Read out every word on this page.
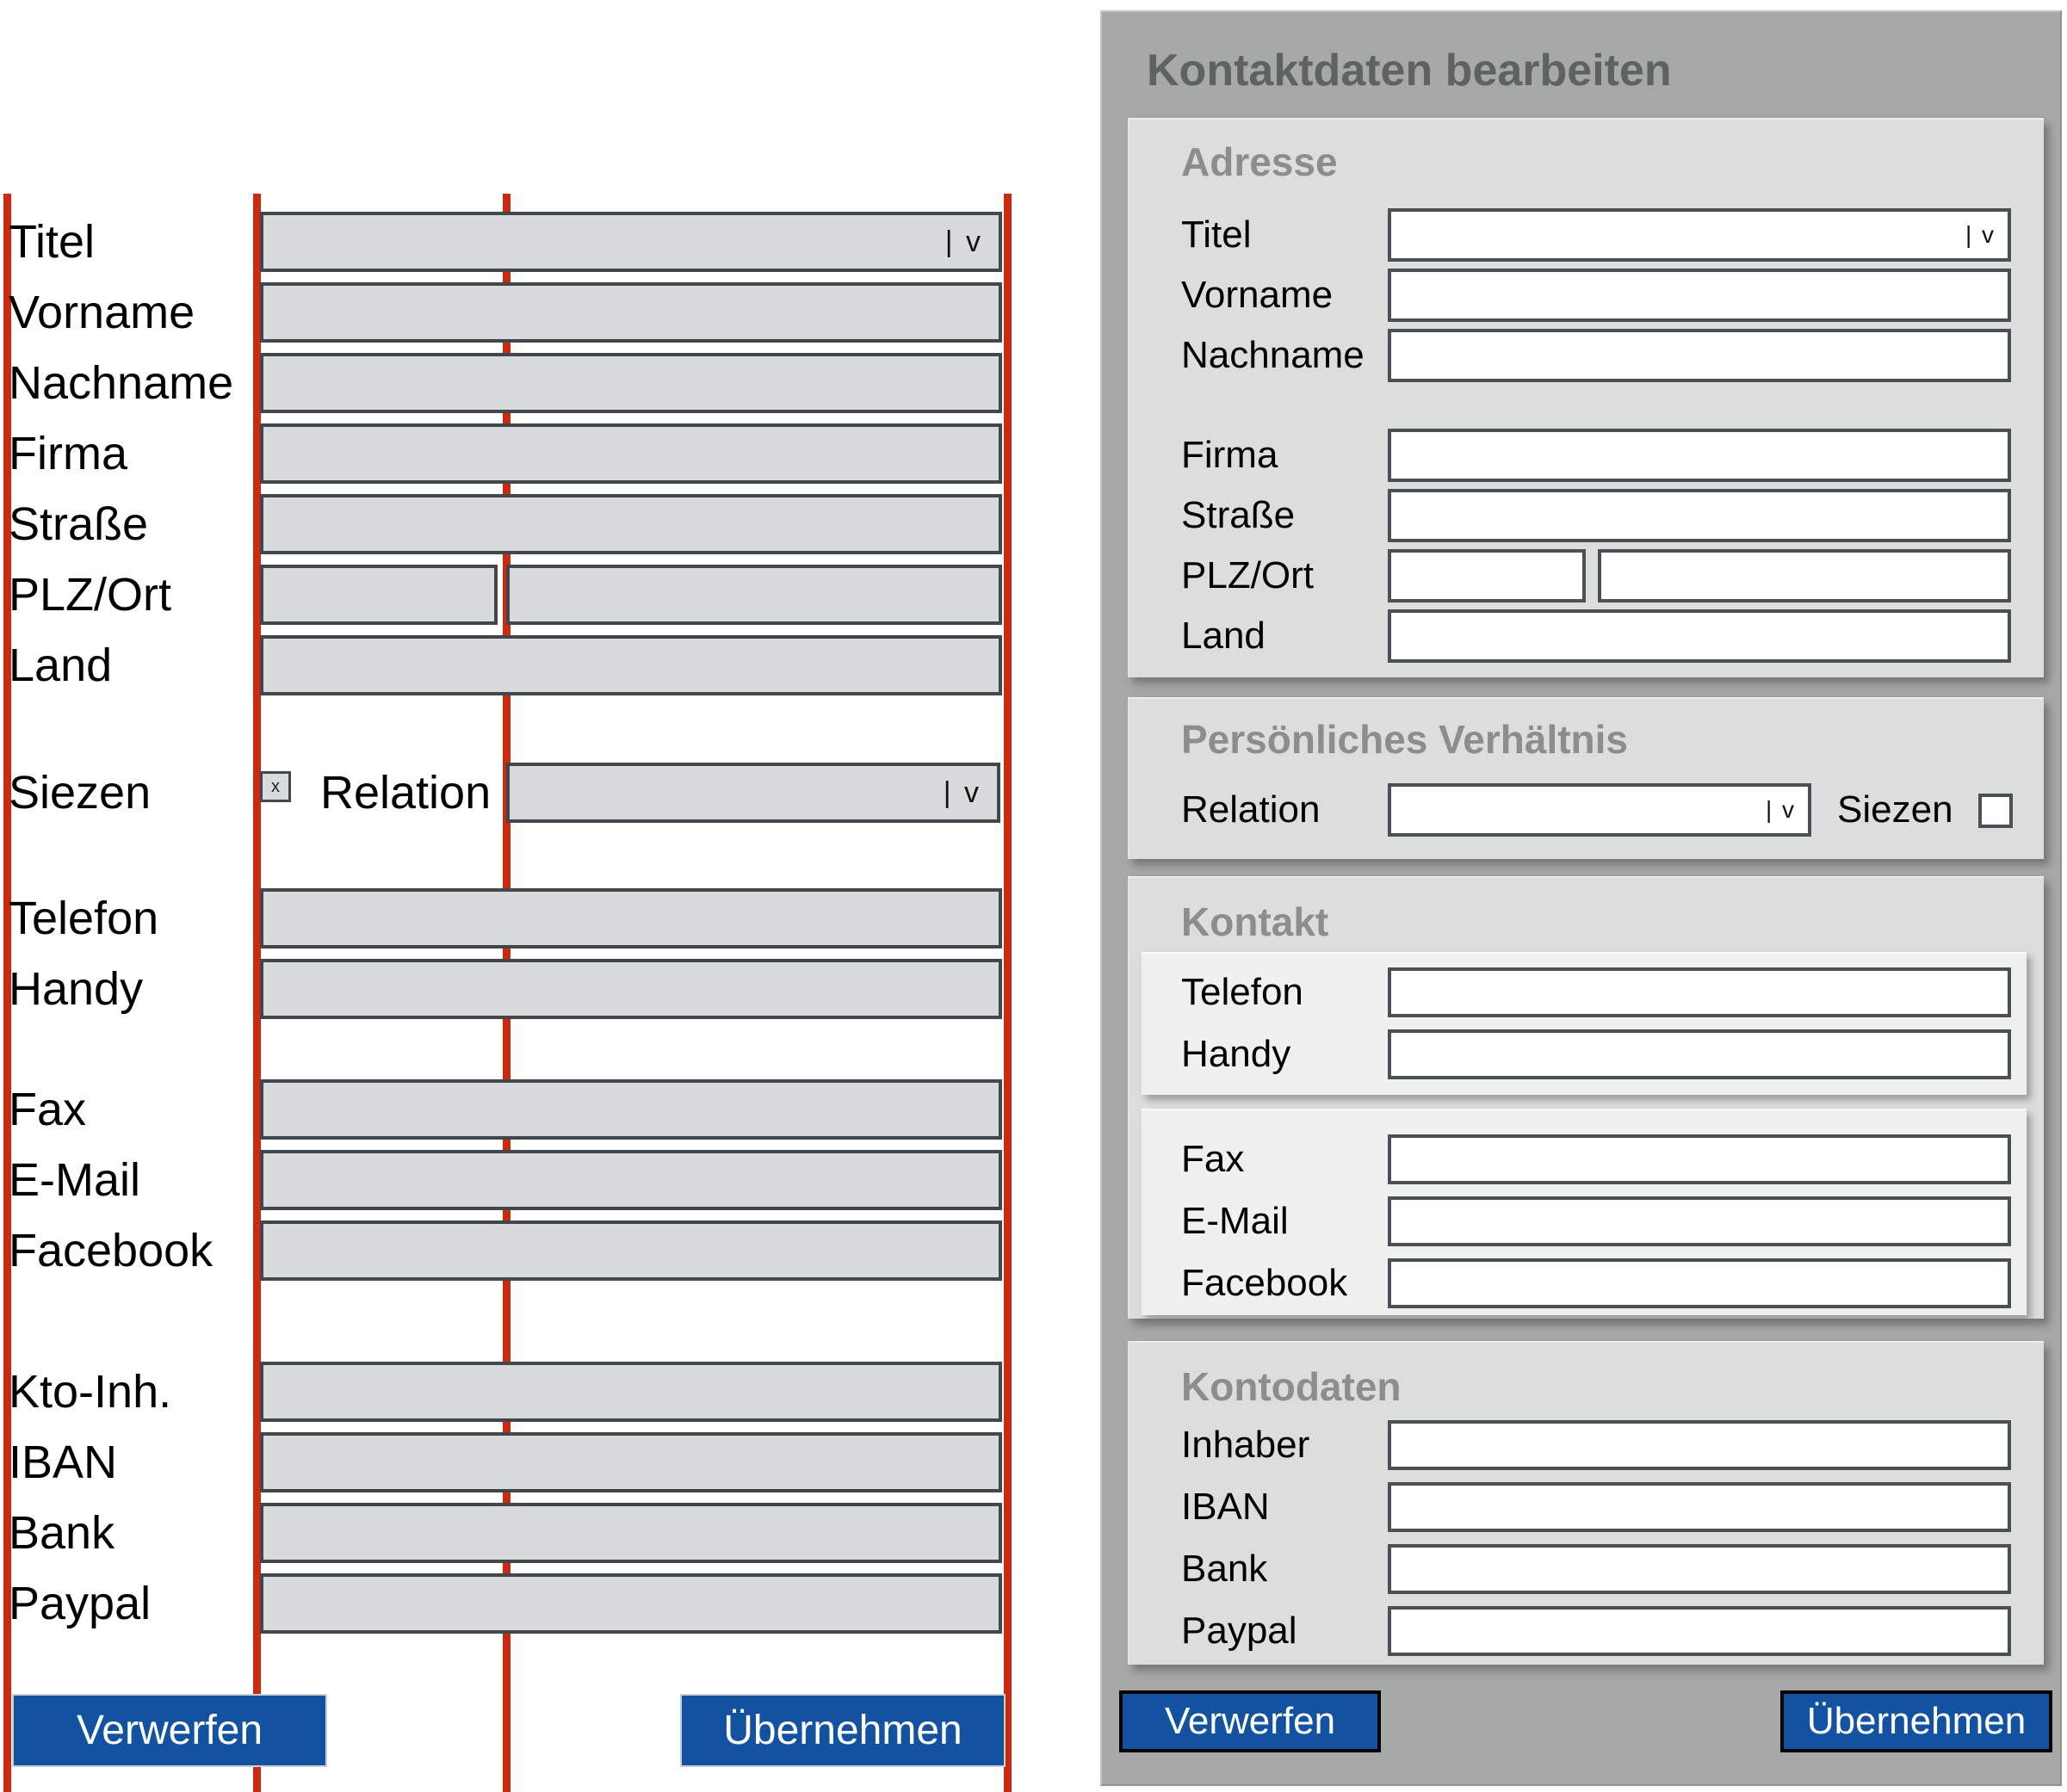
Titel	| v
Vorname
Nachname
Firma
Straße
PLZ/Ort
Land
Siezen	x Relation	| v
Telefon
Handy
Fax
E-Mail
Facebook
Kto-Inh.
IBAN
Bank
Paypal
Verwerfen	Übernehmen
Kontaktdaten bearbeiten
Adresse
Titel	| v
Vorname
Nachname
Firma
Straße
PLZ/Ort
Land
Persönliches Verhältnis
Relation	| v Siezen
Kontakt
Telefon
Handy
Fax
E-Mail
Facebook
Kontodaten
Inhaber
IBAN
Bank
Paypal
Verwerfen	Übernehmen
